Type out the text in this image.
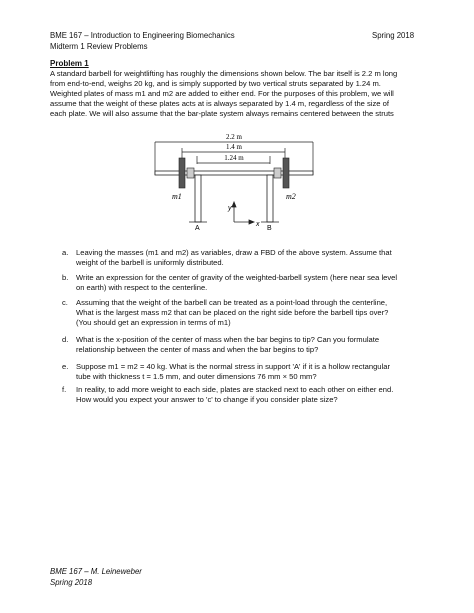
BME 167 – Introduction to Engineering Biomechanics
Midterm 1 Review Problems
Spring 2018
Problem 1

A standard barbell for weightlifting has roughly the dimensions shown below. The bar itself is 2.2 m long

from end-to-end, weighs 20 kg, and is simply supported by two vertical struts separated by 1.24 m.

Weighted plates of mass m1 and m2 are added to either end. For the purposes of this problem, we will

assume that the weight of these plates acts at is always separated by 1.4 m, regardless of the size of

each plate. We will also assume that the bar-plate system always remains centered between the struts

2.2 m
1.4 m
1.24 m
m1	m2
A	B
y
x
a. Leaving the masses (m1 and m2) as variables, draw a FBD of the above system. Assume that

weight of the barbell is uniformly distributed.

b. Write an expression for the center of gravity of the weighted-barbell system (here near sea level

on earth) with respect to the centerline.

c. Assuming that the weight of the barbell can be treated as a point-load through the centerline,

What is the largest mass m2 that can be placed on the right side before the barbell tips over?

(You should get an expression in terms of m1)

d. What is the x-position of the center of mass when the bar begins to tip? Can you formulate

relationship between the center of mass and when the bar begins to tip?

e. Suppose m1 = m2 = 40 kg. What is the normal stress in support 'A' if it is a hollow rectangular

tube with thickness t = 1.5 mm, and outer dimensions 76 mm × 50 mm?

f. In reality, to add more weight to each side, plates are stacked next to each other on either end.

How would you expect your answer to 'c' to change if you consider plate size?

BME 167 – M. Leineweber
Spring 2018
